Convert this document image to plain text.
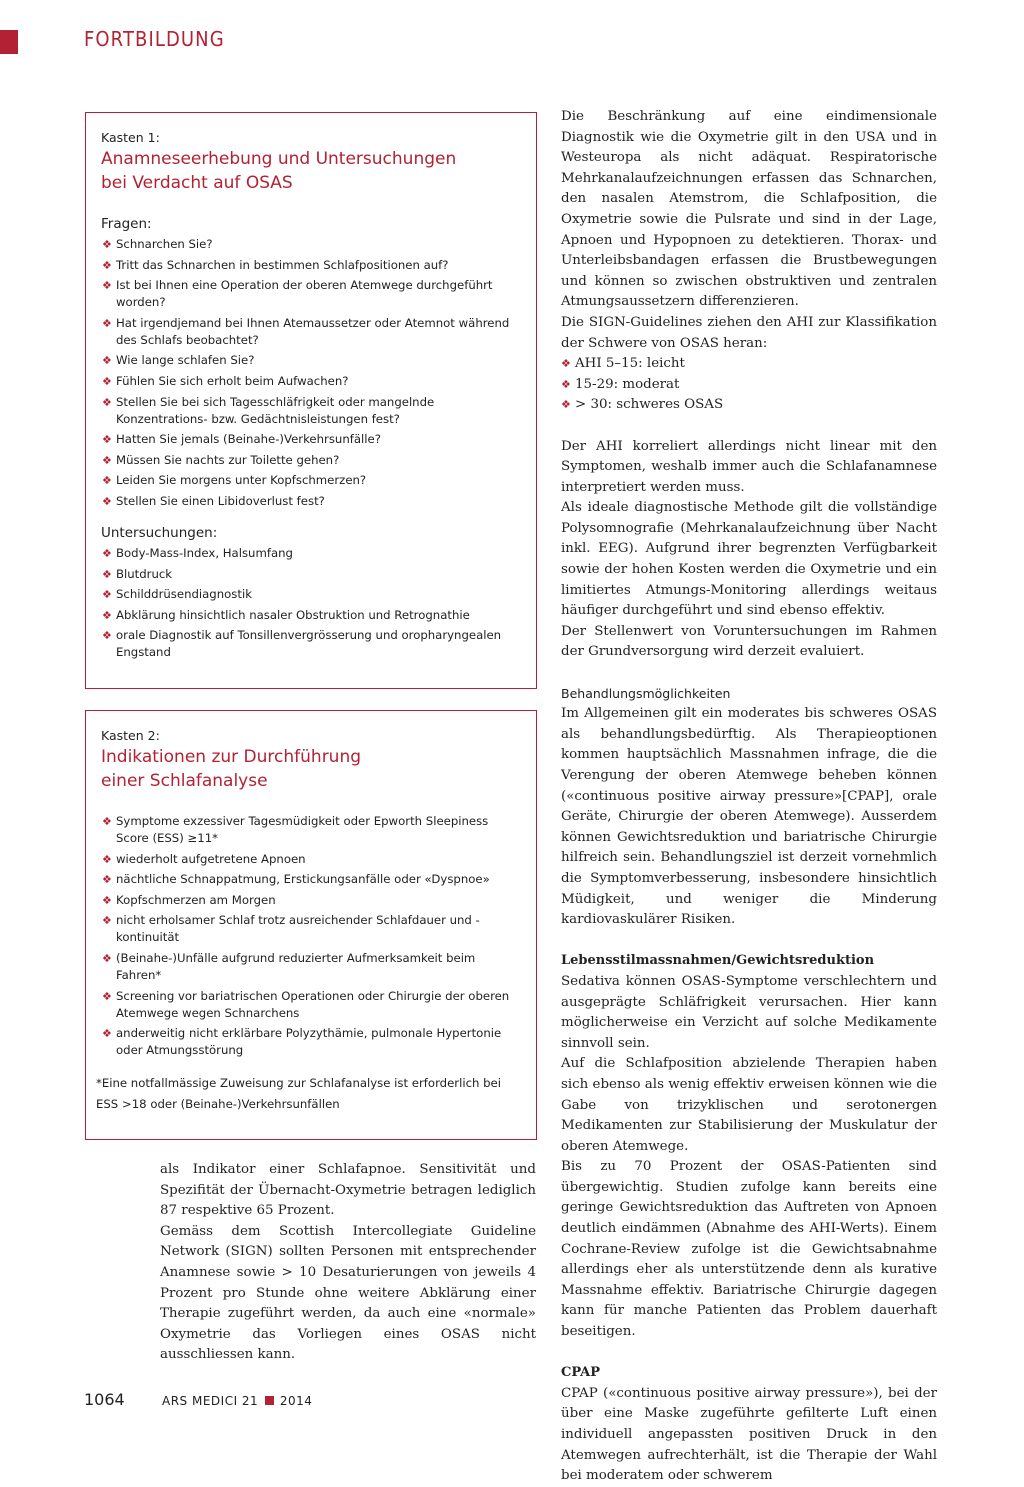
FORTBILDUNG
Kasten 1:
Anamneseerhebung und Untersuchungen
bei Verdacht auf OSAS
Fragen:
❖ Schnarchen Sie?
❖ Tritt das Schnarchen in bestimmen Schlafpositionen auf?
❖ Ist bei Ihnen eine Operation der oberen Atemwege durchgeführt worden?
❖ Hat irgendjemand bei Ihnen Atemaussetzer oder Atemnot während des Schlafs beobachtet?
❖ Wie lange schlafen Sie?
❖ Fühlen Sie sich erholt beim Aufwachen?
❖ Stellen Sie bei sich Tagesschläfrigkeit oder mangelnde Konzentrations- bzw. Gedächtnisleistungen fest?
❖ Hatten Sie jemals (Beinahe-)Verkehrsunfälle?
❖ Müssen Sie nachts zur Toilette gehen?
❖ Leiden Sie morgens unter Kopfschmerzen?
❖ Stellen Sie einen Libidoverlust fest?
Untersuchungen:
❖ Body-Mass-Index, Halsumfang
❖ Blutdruck
❖ Schilddrüsendiagnostik
❖ Abklärung hinsichtlich nasaler Obstruktion und Retrognathie
❖ orale Diagnostik auf Tonsillenvergrösserung und oropharyngealen Engstand
Kasten 2:
Indikationen zur Durchführung
einer Schlafanalyse
❖ Symptome exzessiver Tagesmüdigkeit oder Epworth Sleepiness Score (ESS) ≥11*
❖ wiederholt aufgetretene Apnoen
❖ nächtliche Schnappatmung, Erstickungsanfälle oder «Dyspnoe»
❖ Kopfschmerzen am Morgen
❖ nicht erholsamer Schlaf trotz ausreichender Schlafdauer und -kontinuität
❖ (Beinahe-)Unfälle aufgrund reduzierter Aufmerksamkeit beim Fahren*
❖ Screening vor bariatrischen Operationen oder Chirurgie der oberen Atemwege wegen Schnarchens
❖ anderweitig nicht erklärbare Polyzythämie, pulmonale Hypertonie oder Atmungsstörung
*Eine notfallmässige Zuweisung zur Schlafanalyse ist erforderlich bei ESS >18 oder (Beinahe-)Verkehrsunfällen

als Indikator einer Schlafapnoe. Sensitivität und Spezifität der Übernacht-Oxymetrie betragen lediglich 87 respektive 65 Prozent.

Gemäss dem Scottish Intercollegiate Guideline Network (SIGN) sollten Personen mit entsprechender Anamnese sowie > 10 Desaturierungen von jeweils 4 Prozent pro Stunde ohne weitere Abklärung einer Therapie zugeführt werden, da auch eine «normale» Oxymetrie das Vorliegen eines OSAS nicht ausschliessen kann.

Die Beschränkung auf eine eindimensionale Diagnostik wie die Oxymetrie gilt in den USA und in Westeuropa als nicht adäquat. Respiratorische Mehrkanalaufzeichnungen erfassen das Schnarchen, den nasalen Atemstrom, die Schlafposition, die Oxymetrie sowie die Pulsrate und sind in der Lage, Apnoen und Hypopnoen zu detektieren. Thorax- und Unterleibsbandagen erfassen die Brustbewegungen und können so zwischen obstruktiven und zentralen Atmungsaussetzern differenzieren.

Die SIGN-Guidelines ziehen den AHI zur Klassifikation der Schwere von OSAS heran:

❖ AHI 5–15: leicht
❖ 15-29: moderat
❖ > 30: schweres OSAS

Der AHI korreliert allerdings nicht linear mit den Symptomen, weshalb immer auch die Schlafanamnese interpretiert werden muss.

Als ideale diagnostische Methode gilt die vollständige Polysomnografie (Mehrkanalaufzeichnung über Nacht inkl. EEG). Aufgrund ihrer begrenzten Verfügbarkeit sowie der hohen Kosten werden die Oxymetrie und ein limitiertes Atmungs-Monitoring allerdings weitaus häufiger durchgeführt und sind ebenso effektiv.

Der Stellenwert von Voruntersuchungen im Rahmen der Grundversorgung wird derzeit evaluiert.

Behandlungsmöglichkeiten

Im Allgemeinen gilt ein moderates bis schweres OSAS als behandlungsbedürftig. Als Therapieoptionen kommen hauptsächlich Massnahmen infrage, die die Verengung der oberen Atemwege beheben können («continuous positive airway pressure»[CPAP], orale Geräte, Chirurgie der oberen Atemwege). Ausserdem können Gewichtsreduktion und bariatrische Chirurgie hilfreich sein. Behandlungsziel ist derzeit vornehmlich die Symptomverbesserung, insbesondere hinsichtlich Müdigkeit, und weniger die Minderung kardiovaskulärer Risiken.

Lebensstilmassnahmen/Gewichtsreduktion

Sedativa können OSAS-Symptome verschlechtern und ausgeprägte Schläfrigkeit verursachen. Hier kann möglicherweise ein Verzicht auf solche Medikamente sinnvoll sein.

Auf die Schlafposition abzielende Therapien haben sich ebenso als wenig effektiv erweisen können wie die Gabe von trizyklischen und serotonergen Medikamenten zur Stabilisierung der Muskulatur der oberen Atemwege.

Bis zu 70 Prozent der OSAS-Patienten sind übergewichtig. Studien zufolge kann bereits eine geringe Gewichtsreduktion das Auftreten von Apnoen deutlich eindämmen (Abnahme des AHI-Werts). Einem Cochrane-Review zufolge ist die Gewichtsabnahme allerdings eher als unterstützende denn als kurative Massnahme effektiv. Bariatrische Chirurgie dagegen kann für manche Patienten das Problem dauerhaft beseitigen.

CPAP

CPAP («continuous positive airway pressure»), bei der über eine Maske zugeführte gefilterte Luft einen individuell angepassten positiven Druck in den Atemwegen aufrechterhält, ist die Therapie der Wahl bei moderatem oder schwerem

1064	ARS MEDICI 21 2014
